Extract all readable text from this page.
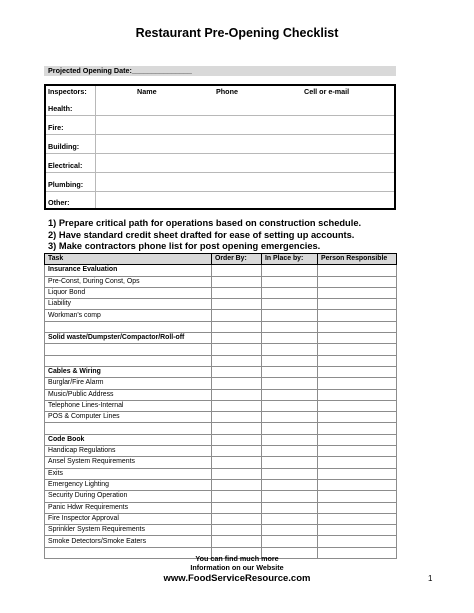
Restaurant Pre-Opening Checklist
Projected Opening Date:_______________
Inspectors:	Name	Phone	Cell or e-mail
Health:
Fire:
Building:
Electrical:
Plumbing:
Other:
1) Prepare critical path for operations based on construction schedule.
2) Have standard credit sheet drafted for ease of setting up accounts.
3) Make contractors phone list for post opening emergencies.
Task	Order By:	In Place by:	Person Responsible
Insurance Evaluation			
Pre-Const, During Const, Ops			
Liquor Bond			
Liability			
Workman's comp			

Solid waste/Dumpster/Compactor/Roll-off			

Cables & Wiring			
Burglar/Fire Alarm			
Music/Public Address			
Telephone Lines-Internal			
POS & Computer Lines			

Code Book			
Handicap Regulations			
Ansel System Requirements			
Exits			
Emergency Lighting			
Security During Operation			
Panic Hdwr Requirements			
Fire Inspector Approval			
Sprinkler System Requirements			
Smoke Detectors/Smoke Eaters			

You can find much more
Information on our Website
www.FoodServiceResource.com	1
